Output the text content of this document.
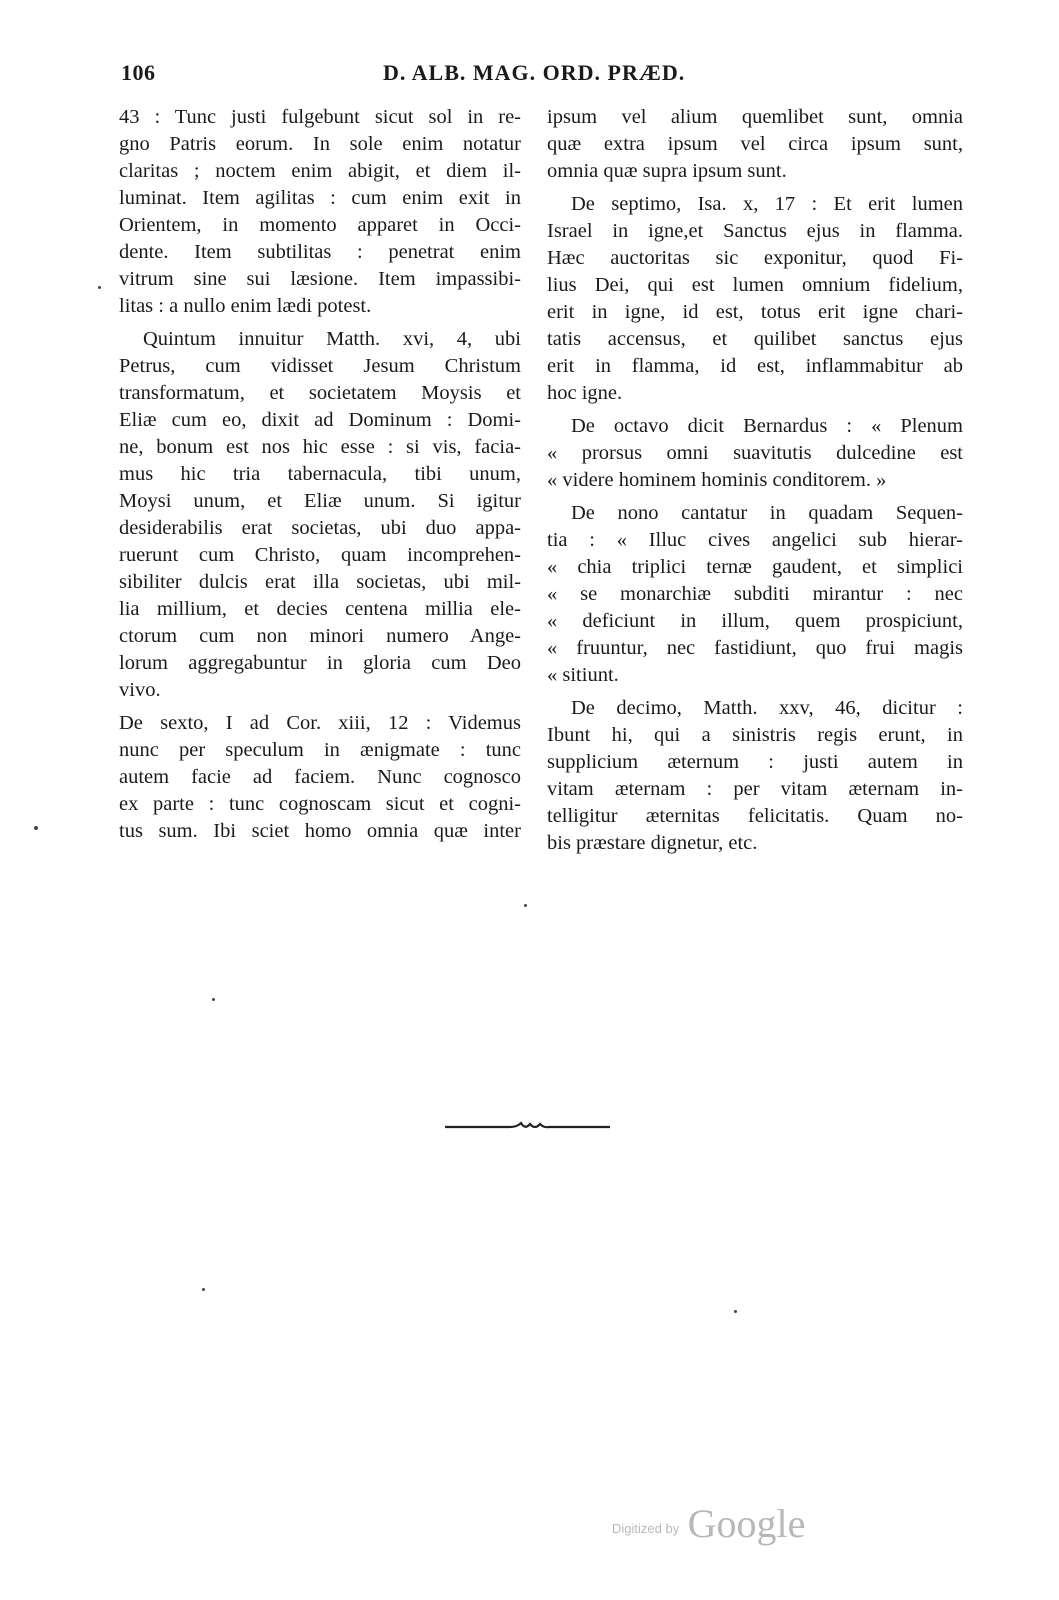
106	D. ALB. MAG. ORD. PRÆD.
43 : Tunc justi fulgebunt sicut sol in re-
gno Patris eorum. In sole enim notatur
claritas ; noctem enim abigit, et diem il-
luminat. Item agilitas : cum enim exit in
Orientem, in momento apparet in Occi-
dente. Item subtilitas : penetrat enim
vitrum sine sui læsione. Item impassibi-
litas : a nullo enim lædi potest.
Quintum innuitur Matth. xvi, 4, ubi
Petrus, cum vidisset Jesum Christum
transformatum, et societatem Moysis et
Eliæ cum eo, dixit ad Dominum : Domi-
ne, bonum est nos hic esse : si vis, facia-
mus hic tria tabernacula, tibi unum,
Moysi unum, et Eliæ unum. Si igitur
desiderabilis erat societas, ubi duo appa-
ruerunt cum Christo, quam incomprehen-
sibiliter dulcis erat illa societas, ubi mil-
lia millium, et decies centena millia ele-
ctorum cum non minori numero Ange-
lorum aggregabuntur in gloria cum Deo
vivo.
De sexto, I ad Cor. xiii, 12 : Videmus
nunc per speculum in ænigmate : tunc
autem facie ad faciem. Nunc cognosco
ex parte : tunc cognoscam sicut et cogni-
tus sum. Ibi sciet homo omnia quæ inter
ipsum vel alium quemlibet sunt, omnia
quæ extra ipsum vel circa ipsum sunt,
omnia quæ supra ipsum sunt.
De septimo, Isa. x, 17 : Et erit lumen
Israel in igne,et Sanctus ejus in flamma.
Hæc auctoritas sic exponitur, quod Fi-
lius Dei, qui est lumen omnium fidelium,
erit in igne, id est, totus erit igne chari-
tatis accensus, et quilibet sanctus ejus
erit in flamma, id est, inflammabitur ab
hoc igne.
De octavo dicit Bernardus : « Plenum
« prorsus omni suavitutis dulcedine est
« videre hominem hominis conditorem. »
De nono cantatur in quadam Sequen-
tia : « Illuc cives angelici sub hierar-
« chia triplici ternæ gaudent, et simplici
« se monarchiæ subditi mirantur : nec
« deficiunt in illum, quem prospiciunt,
« fruuntur, nec fastidiunt, quo frui magis
« sitiunt.
De decimo, Matth. xxv, 46, dicitur :
Ibunt hi, qui a sinistris regis erunt, in
supplicium æternum : justi autem in
vitam æternam : per vitam æternam in-
telligitur æternitas felicitatis. Quam no-
bis præstare dignetur, etc.
$^{Digitized by}$ Google
